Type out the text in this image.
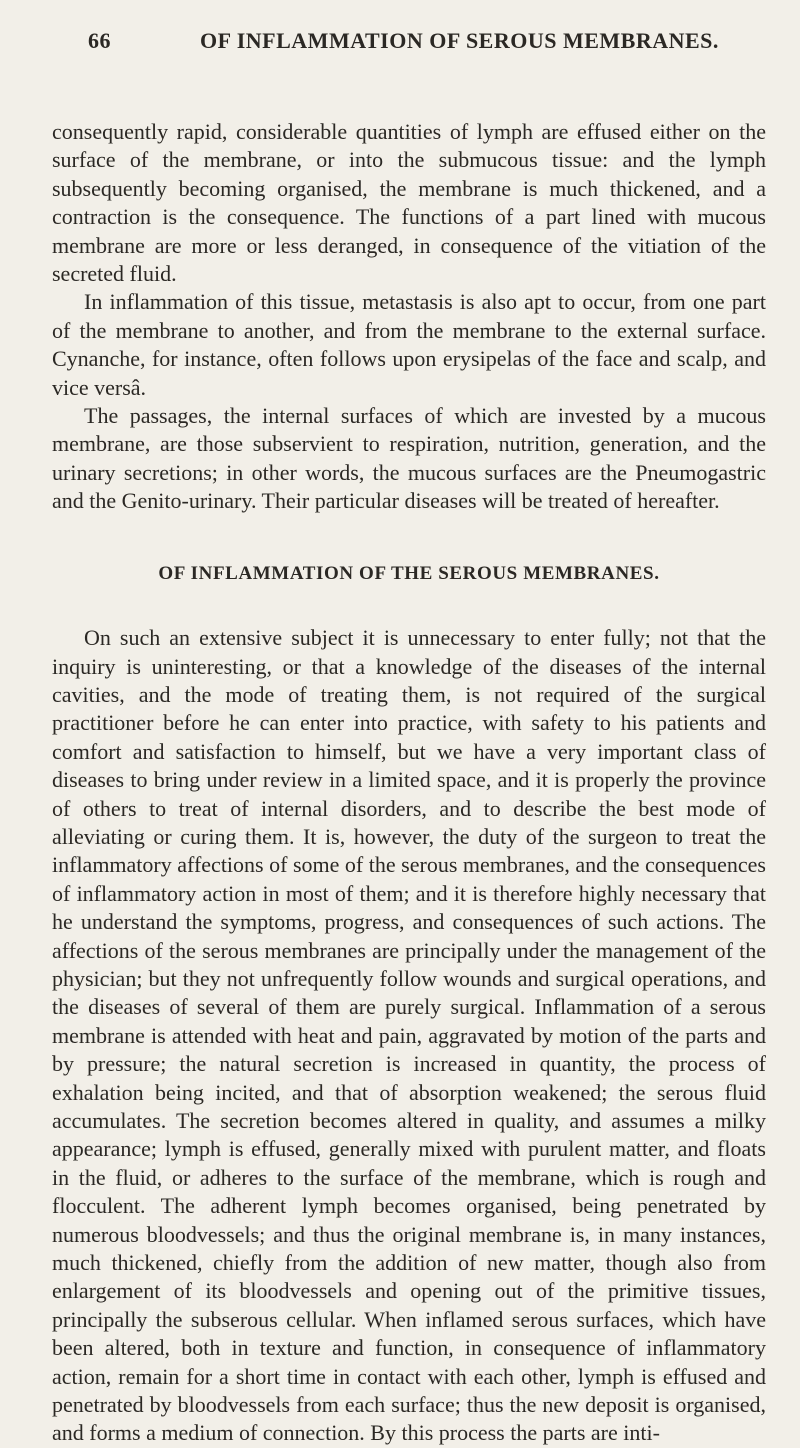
66	OF INFLAMMATION OF SEROUS MEMBRANES.

consequently rapid, considerable quantities of lymph are effused either on the surface of the membrane, or into the submucous tissue: and the lymph subsequently becoming organised, the membrane is much thickened, and a contraction is the consequence. The functions of a part lined with mucous membrane are more or less deranged, in consequence of the vitiation of the secreted fluid.

In inflammation of this tissue, metastasis is also apt to occur, from one part of the membrane to another, and from the membrane to the external surface. Cynanche, for instance, often follows upon erysipelas of the face and scalp, and vice versâ.

The passages, the internal surfaces of which are invested by a mucous membrane, are those subservient to respiration, nutrition, generation, and the urinary secretions; in other words, the mucous surfaces are the Pneumogastric and the Genito-urinary. Their particular diseases will be treated of hereafter.

OF INFLAMMATION OF THE SEROUS MEMBRANES.

On such an extensive subject it is unnecessary to enter fully; not that the inquiry is uninteresting, or that a knowledge of the diseases of the internal cavities, and the mode of treating them, is not required of the surgical practitioner before he can enter into practice, with safety to his patients and comfort and satisfaction to himself, but we have a very important class of diseases to bring under review in a limited space, and it is properly the province of others to treat of internal disorders, and to describe the best mode of alleviating or curing them. It is, however, the duty of the surgeon to treat the inflammatory affections of some of the serous membranes, and the consequences of inflammatory action in most of them; and it is therefore highly necessary that he understand the symptoms, progress, and consequences of such actions. The affections of the serous membranes are principally under the management of the physician; but they not unfrequently follow wounds and surgical operations, and the diseases of several of them are purely surgical. Inflammation of a serous membrane is attended with heat and pain, aggravated by motion of the parts and by pressure; the natural secretion is increased in quantity, the process of exhalation being incited, and that of absorption weakened; the serous fluid accumulates. The secretion becomes altered in quality, and assumes a milky appearance; lymph is effused, generally mixed with purulent matter, and floats in the fluid, or adheres to the surface of the membrane, which is rough and flocculent. The adherent lymph becomes organised, being penetrated by numerous bloodvessels; and thus the original membrane is, in many instances, much thickened, chiefly from the addition of new matter, though also from enlargement of its bloodvessels and opening out of the primitive tissues, principally the subserous cellular. When inflamed serous surfaces, which have been altered, both in texture and function, in consequence of inflammatory action, remain for a short time in contact with each other, lymph is effused and penetrated by bloodvessels from each surface; thus the new deposit is organised, and forms a medium of connection. By this process the parts are inti-
